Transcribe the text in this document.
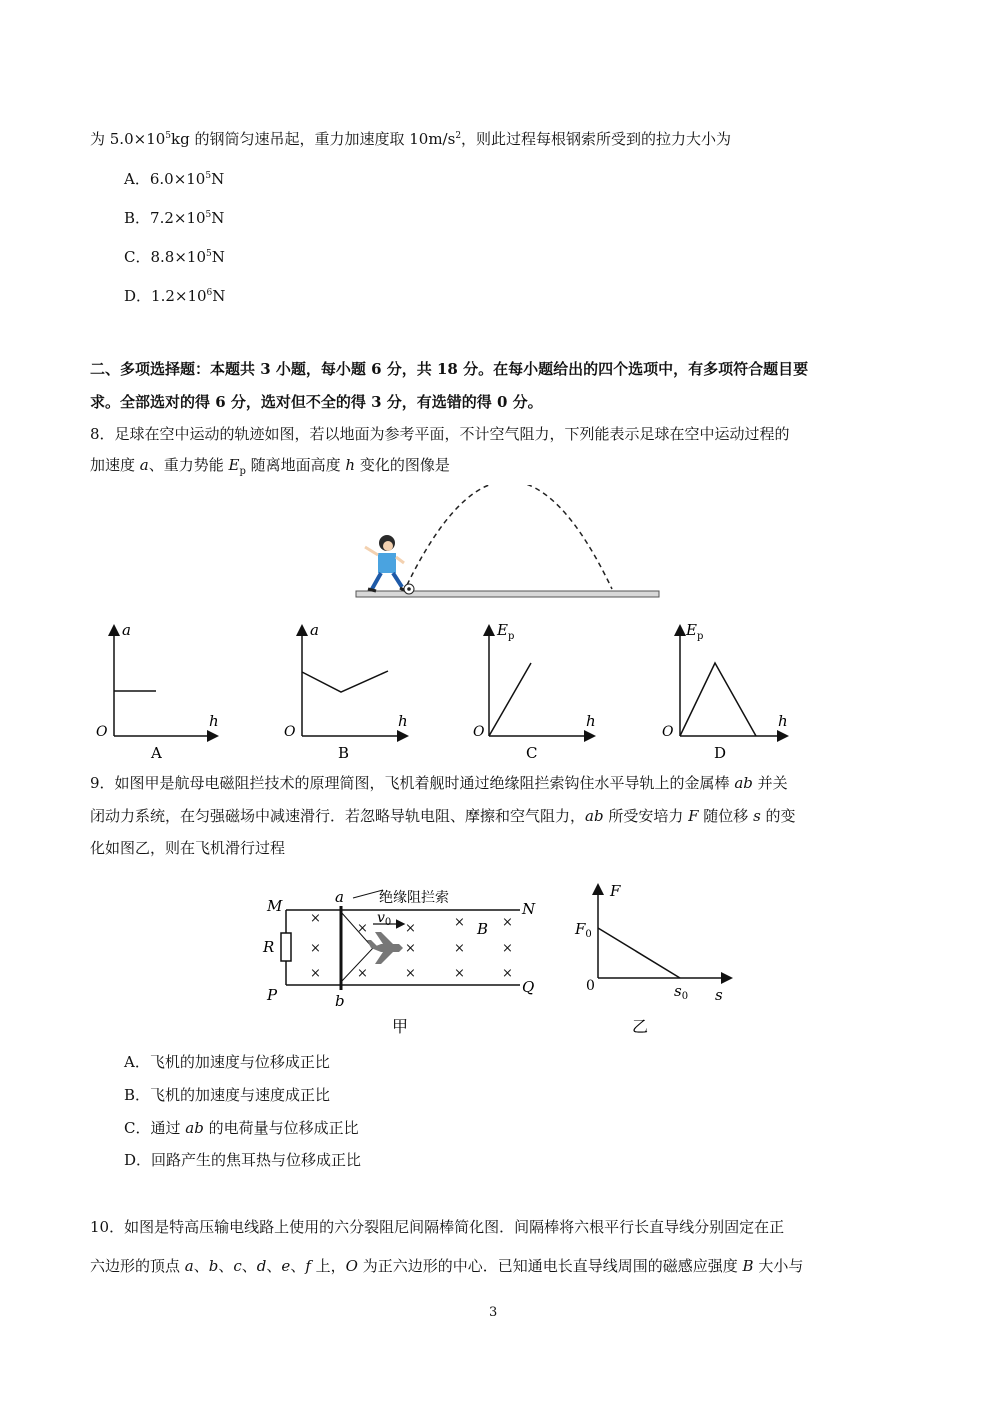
为 $5.0\times 10^5kg$ 的钢筒匀速吊起，重力加速度取 $10m/s^2$，则此过程每根钢索所受到的拉力大小为
A．$6.0\times 10^5N$
B．$7.2\times 10^5N$
C．$8.8\times 10^5N$
D．$1.2\times 10^6N$
二、多项选择题：本题共 3 小题，每小题 6 分，共 18 分。在每小题给出的四个选项中，有多项符合题目要
求。全部选对的得 6 分，选对但不全的得 3 分，有选错的得 0 分。
8．足球在空中运动的轨迹如图，若以地面为参考平面，不计空气阻力，下列能表示足球在空中运动过程的
加速度 a、重力势能 $E_p$ 随离地面高度 h 变化的图像是
a
h
O
A
a
h
O
B
$E_p$
h
O
C
$E_p$
h
O
D
9．如图甲是航母电磁阻拦技术的原理简图，飞机着舰时通过绝缘阻拦索钩住水平导轨上的金属棒 ab 并关
闭动力系统，在匀强磁场中减速滑行．若忽略导轨电阻、摩擦和空气阻力，ab 所受安培力 F 随位移 s 的变
化如图乙，则在飞机滑行过程
$v_0$
×
×
×
×
×
×
×
×
×
×
×
×
×
×
B
M	N
P	Q
R
a
b
绝缘阻拦索
甲
F
$F_0$
0	$s_0$ s
乙
A．飞机的加速度与位移成正比
B．飞机的加速度与速度成正比
C．通过 ab 的电荷量与位移成正比
D．回路产生的焦耳热与位移成正比
10．如图是特高压输电线路上使用的六分裂阻尼间隔棒简化图．间隔棒将六根平行长直导线分别固定在正
六边形的顶点 a、b、c、d、e、f 上，O 为正六边形的中心．已知通电长直导线周围的磁感应强度 B 大小与
3
